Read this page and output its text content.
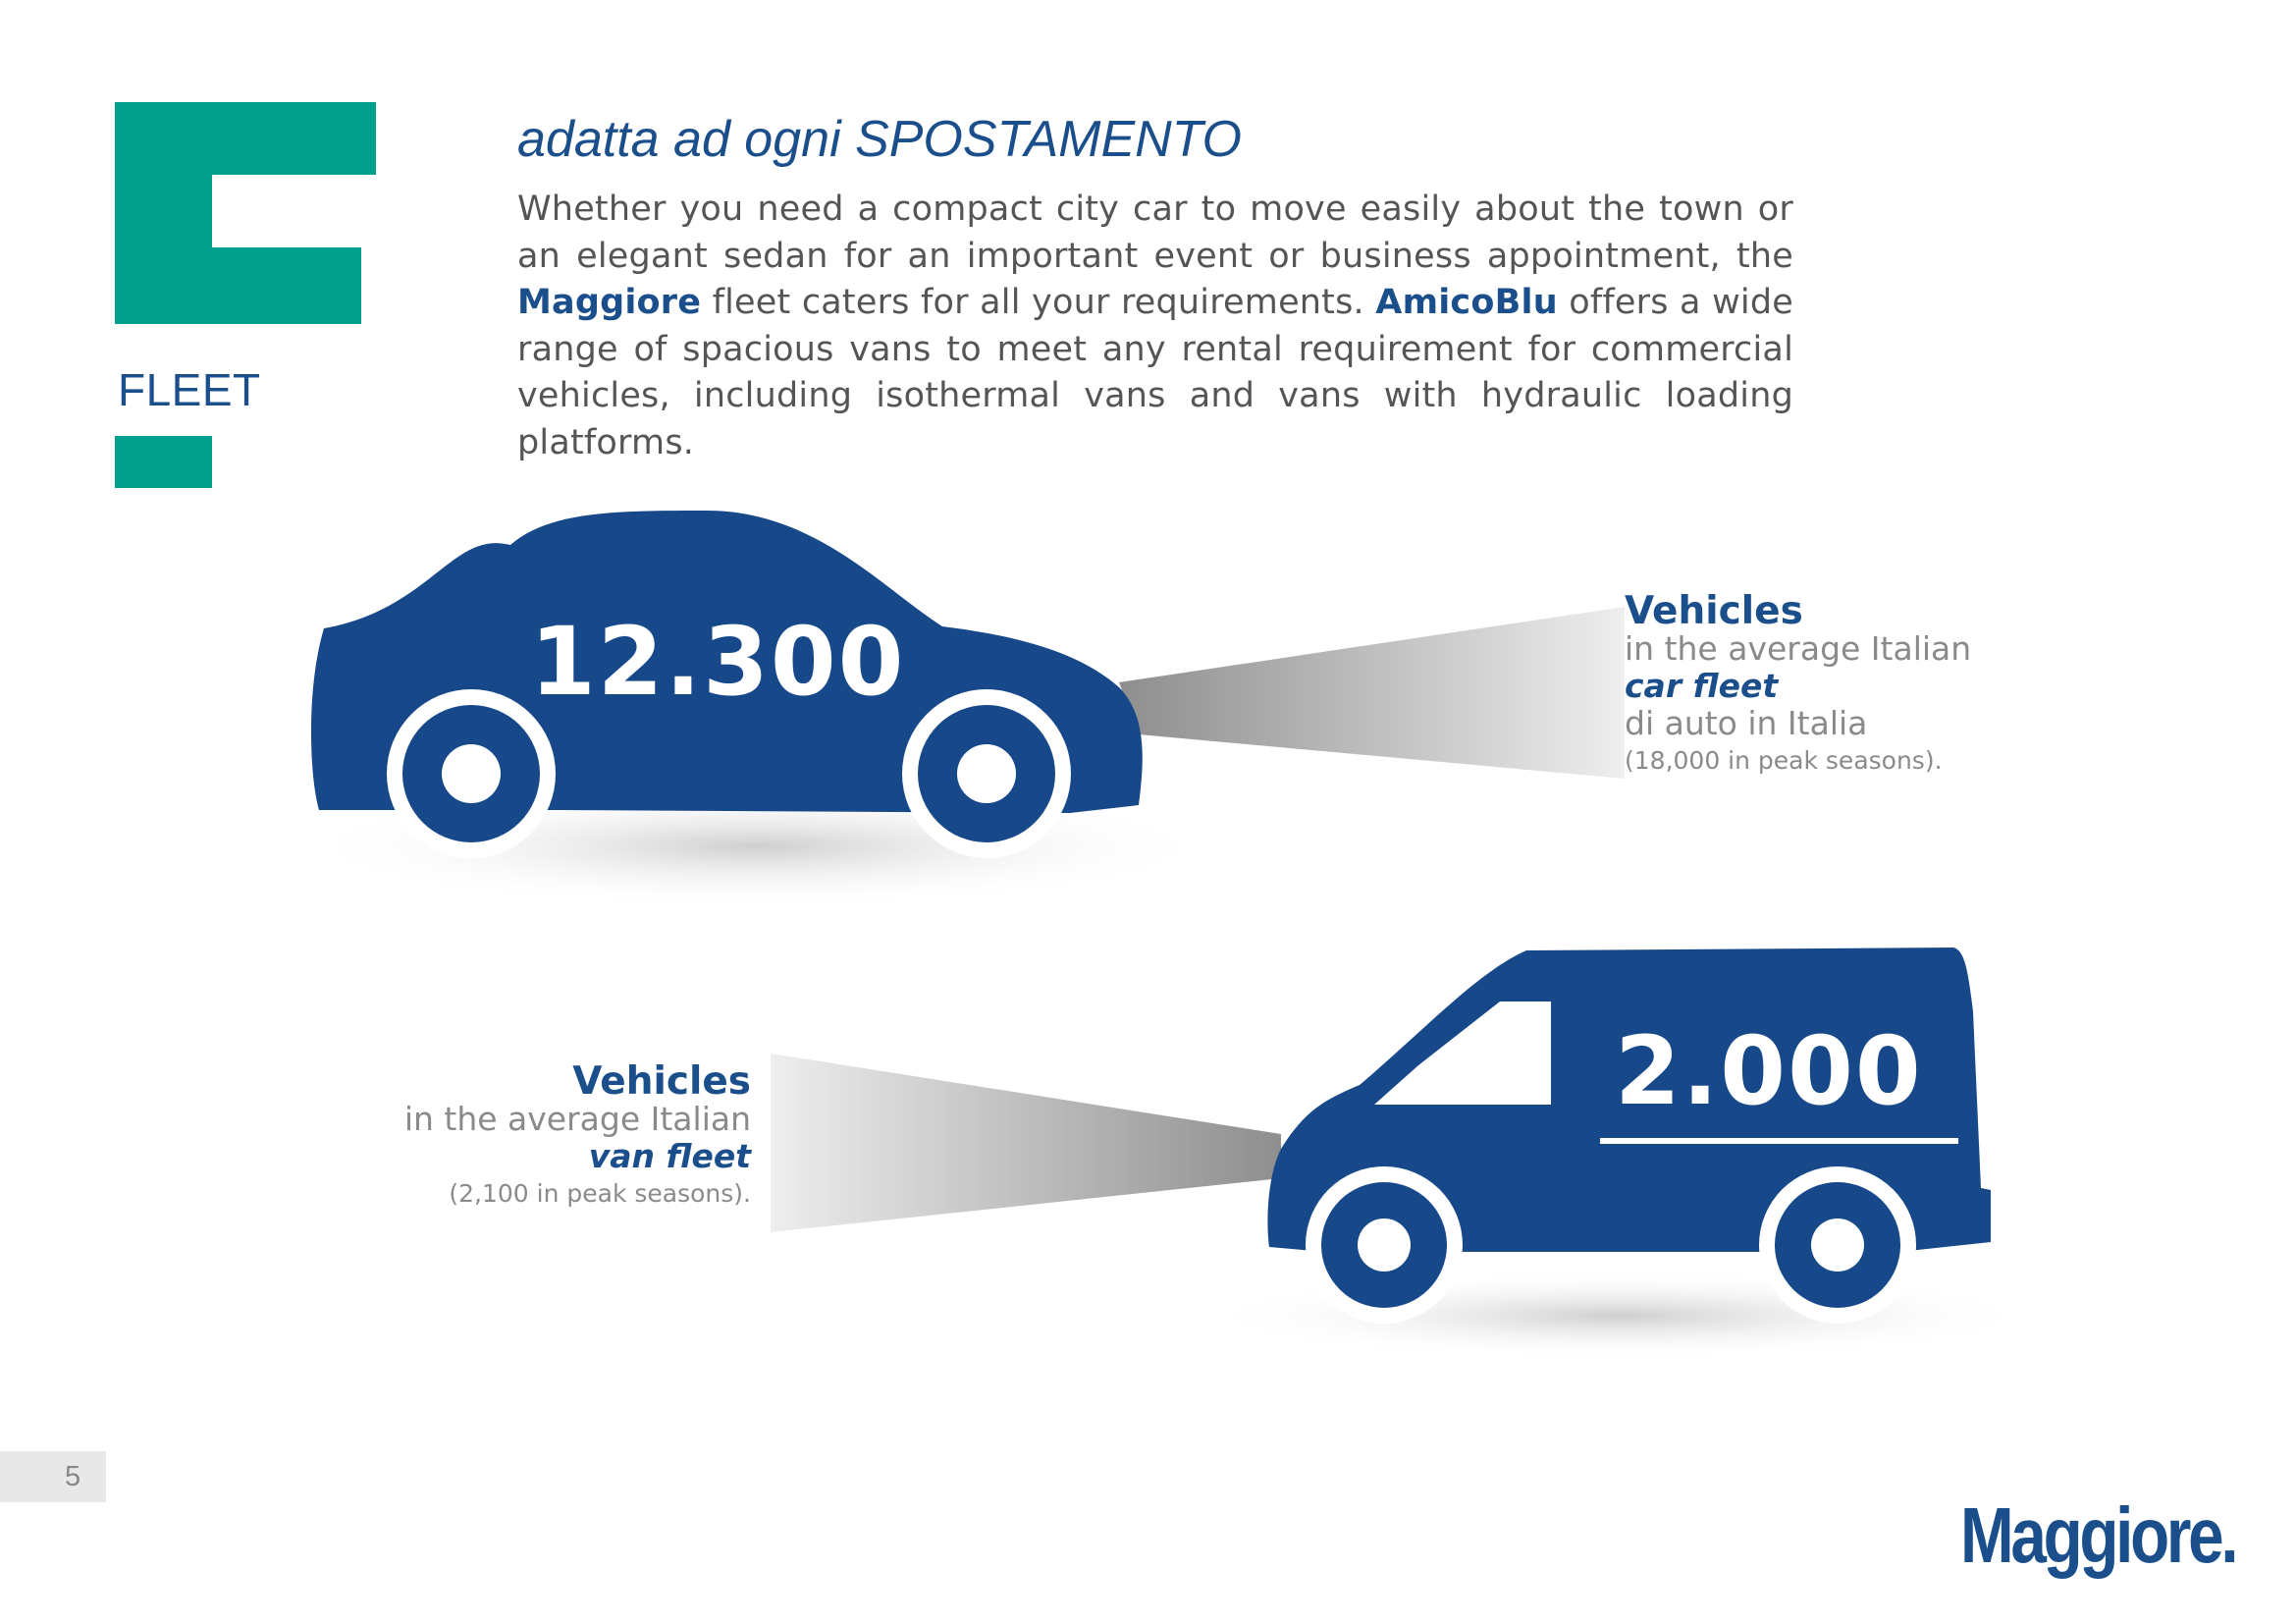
FLEET
adatta ad ogni SPOSTAMENTO
Whether you need a compact city car to move easily about the town or an elegant sedan for an important event or business appointment, the Maggiore fleet caters for all your requirements. AmicoBlu offers a wide range of spacious vans to meet any rental requirement for commercial vehicles, including isothermal vans and vans with hydraulic loading platforms.
12.300
2.000
Vehicles
in the average Italian
car fleet
di auto in Italia
(18,000 in peak seasons).
Vehicles
in the average Italian
van fleet
(2,100 in peak seasons).
5
Maggiore.
